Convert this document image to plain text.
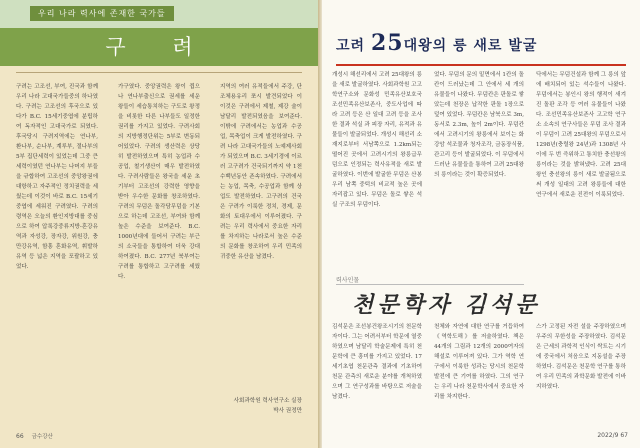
우리 나라 력사에 존재한 국가들
구 려

구려는 고조선, 부여, 진국과 함께 우리 나라 고대국가들중의 하나였다. 구려는 고조선의 후국으로 있다가 B.C. 15세기중엽에 분립하여 독자적인 고대국가로 되였다. 후국당시 구려지역에는 연나부, 환나부, 순나부, 계루부, 절나부의 5부 집단세력이 있었는데 그중 큰 세력이였던 연나부는 나머지 부들을 규합하여 고조선의 중앙왕권에 대항하고 자주적인 정치권력을 세웠는데 이것이 바로 B.C. 15세기중엽에 세워진 구려였다. 구려의 령역은 오늘의 환인지방대를 중심으로 하여 압록강중류지방-혼강유역과 자성강, 장자강, 위원강, 충만강유역, 함흥 혼화유역, 휘발하유역 등 넓은 지역을 포괄하고 있었다.

가구였다. 중앙권력은 왕이 쥡으나 연나부출신으로 권세를 세운 왕들이 세습통치하는 구도로 왕정을 비롯한 다른 나부들도 일정한 권리를 가지고 있었다. 구려사회의 지방행정단위는 5부로 변동되어있었다. 구려의 생산력은 상당히 발전하였으며 특히 농업과 수공업, 철기생산이 매우 발전하였다. 구려사람들은 왕국을 세운 초기부터 고조선의 강력한 영향을 받아 우수한 문화를 창조하였다. 구려의 무덤은 돌각담무덤을 기본으로 하는데 고조선, 부여와 함께 높은 수준을 보여준다. B.C. 1000년대에 들어서 구려는 부근의 소국들을 통합하여 더욱 강대하여졌다. B.C. 277년 북부여는 구려를 통합하고 고구려를 세웠다.

지역의 여러 유적들에서 주강, 단조체용유리 쪼시 발견되었다 이 이것은 구려에서 제철, 제강 술이 남달리 발전되였음을 보여준다. 이밖에 구려에서는 농업과 수공업, 목축업이 크게 발전하였다. 구려 나라 고대국가들의 노예제사회가 되었으며 B.C. 3세기경에 이르러 고구려가 건국되기까지 약 1천수백년동안 존속하였다. 구려에서는 농업, 목축, 수공업과 함께 상업도 발전하였다. 고구려의 건국은 구려가 이룩한 정치, 경제, 문화의 토대우에서 이루어졌다. 구려는 우리 력사에서 중요한 자리를 차지하는 나라로서 높은 수준의 문화를 창조하여 우리 민족의 귀중한 유산을 남겼다.

사회과학원 력사연구소 실장
박사 권정만
66 금수강산
고려 25대왕의 릉 새로 발굴

개성시 해선리에서 고려 25대왕의 릉을 새로 발굴하였다. 사회과학원 고고학연구소와 문화성 민족유산보호국 조선민족유산보존사, 중도사업에 따라 고려 등은 산 일대 고려 등을 조사한 결과 석실 과 피장 자리, 유적과 유물들이 발굴되었다. 개성시 해선리 소재지로부터 서남쪽으로 1.2km되는 떨어진 곳에서 고려시기의 왕릉급무덤으로 인정되는 력사유적을 새로 발굴하였다. 이번에 발굴한 무덤은 산봉우리 남쪽 중턱의 비교적 높은 곳에 자리잡고 있다. 무덤은 돌로 쌓은 석실 구조의 무덤이다.

었다. 무덤의 문의 밑면에서 1칸의 돌칸이 드러났는데 그 안에서 세 개의 유물들이 나왔다. 무덤칸은 판돌로 쌓았는데 천장은 납작한 판돌 1장으로 덮여 있었다. 무덤칸은 남북으로 3m, 동서로 2.3m, 높이 2m이다. 무덤칸에서 고려시기의 왕릉에서 보이는 화강암 석조물과 청자조각, 금동장식품, 관고리 등이 발굴되었다. 이 무덤에서 드러난 유물들을 통하여 고려 25대왕의 릉이라는 것이 확증되었다.

닥에서는 무덤건설과 함께 그 릉의 앞에 배치되어 있는 석수들이 나왔다. 무덤에서는 봉인시 왕의 행적이 새겨진 돌판 조각 등 여러 유물들이 나왔다. 조선민족유산보존사 고고학 연구소 소속의 연구사들은 무덤 조사 결과 이 무덤이 고려 25대왕의 무덤으로서 1298년(충렬왕 24년)과 1308년 사이에 두 번 즉위하고 통치한 충선왕의 릉이라는 것을 밝혀냈다. 고려 25대왕인 충선왕의 릉이 새로 발굴됨으로써 개성 일대의 고려 왕릉들에 대한 연구에서 새로운 진전이 이룩되었다.

력사인물
천문학자 김석문

김석문은 조선봉건왕조시기의 천문학자이다. 그는 어려서부터 학문에 열중하였으며 남달리 학술문제에 특히 천문학에 큰 흥미를 가지고 있었다. 17세기초엽 천문관측 결과에 기초하여 천문 관측의 새로운 분야를 개척하였으며 그 연구성과를 바탕으로 저술을 남겼다.

천체와 자연에 대한 연구를 거듭하여 《역학도해》를 저술하였다. 책은 44개의 그림과 12개의 2000여자의 해설로 이루어져 있다. 그가 역학 연구에서 이룩한 성과는 당시의 천문학 발전에 큰 기여를 하였다. 그의 연구는 우리 나라 천문학사에서 중요한 자리를 차지한다.

스가 고정된 자전 설을 주장하였으며 우주의 무한성을 주장하였다. 김석문은 근세의 과학적 인식이 싹트는 시기에 중국에서 처음으로 지동설을 주장하였다. 김석문은 천문학 연구를 통하여 우리 민족의 과학문화 발전에 이바지하였다.

2022/9 67
